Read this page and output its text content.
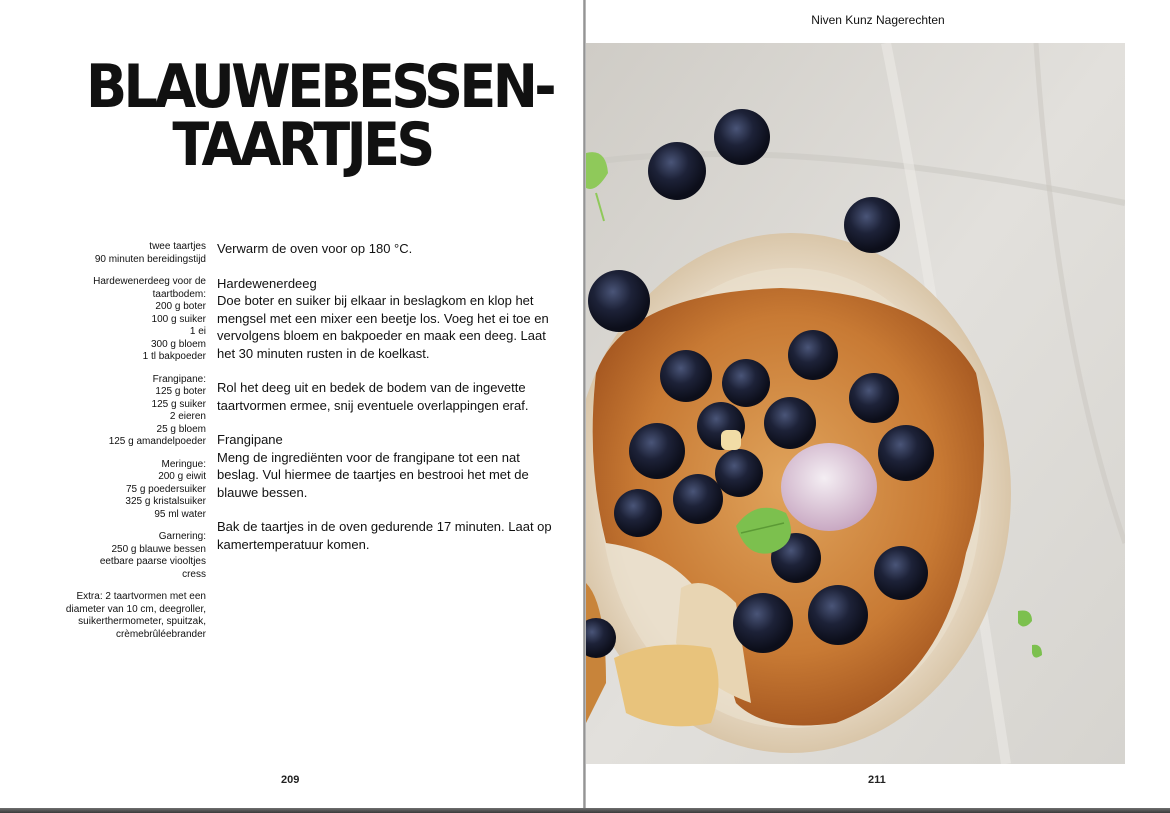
BLAUWEBESSEN-
TAARTJES
twee taartjes
90 minuten bereidingstijd
Hardewenerdeeg voor de
taartbodem:
200 g boter
100 g suiker
1 ei
300 g bloem
1 tl bakpoeder
Frangipane:
125 g boter
125 g suiker
2 eieren
25 g bloem
125 g amandelpoeder
Meringue:
200 g eiwit
75 g poedersuiker
325 g kristalsuiker
95 ml water
Garnering:
250 g blauwe bessen
eetbare paarse viooltjes
cress
Extra: 2 taartvormen met een
diameter van 10 cm, deegroller,
suikerthermometer, spuitzak,
crèmebrûléebrander

Verwarm de oven voor op 180 °C.

Hardewenerdeeg
Doe boter en suiker bij elkaar in beslagkom en klop het mengsel met een mixer een beetje los. Voeg het ei toe en vervolgens bloem en bakpoeder en maak een deeg. Laat het 30 minuten rusten in de koelkast.

Rol het deeg uit en bedek de bodem van de ingevette taartvormen ermee, snij eventuele overlappingen eraf.

Frangipane
Meng de ingrediënten voor de frangipane tot een nat beslag. Vul hiermee de taartjes en bestrooi het met de blauwe bessen.

Bak de taartjes in de oven gedurende 17 minuten. Laat op kamertemperatuur komen.

209
Niven Kunz Nagerechten
211
